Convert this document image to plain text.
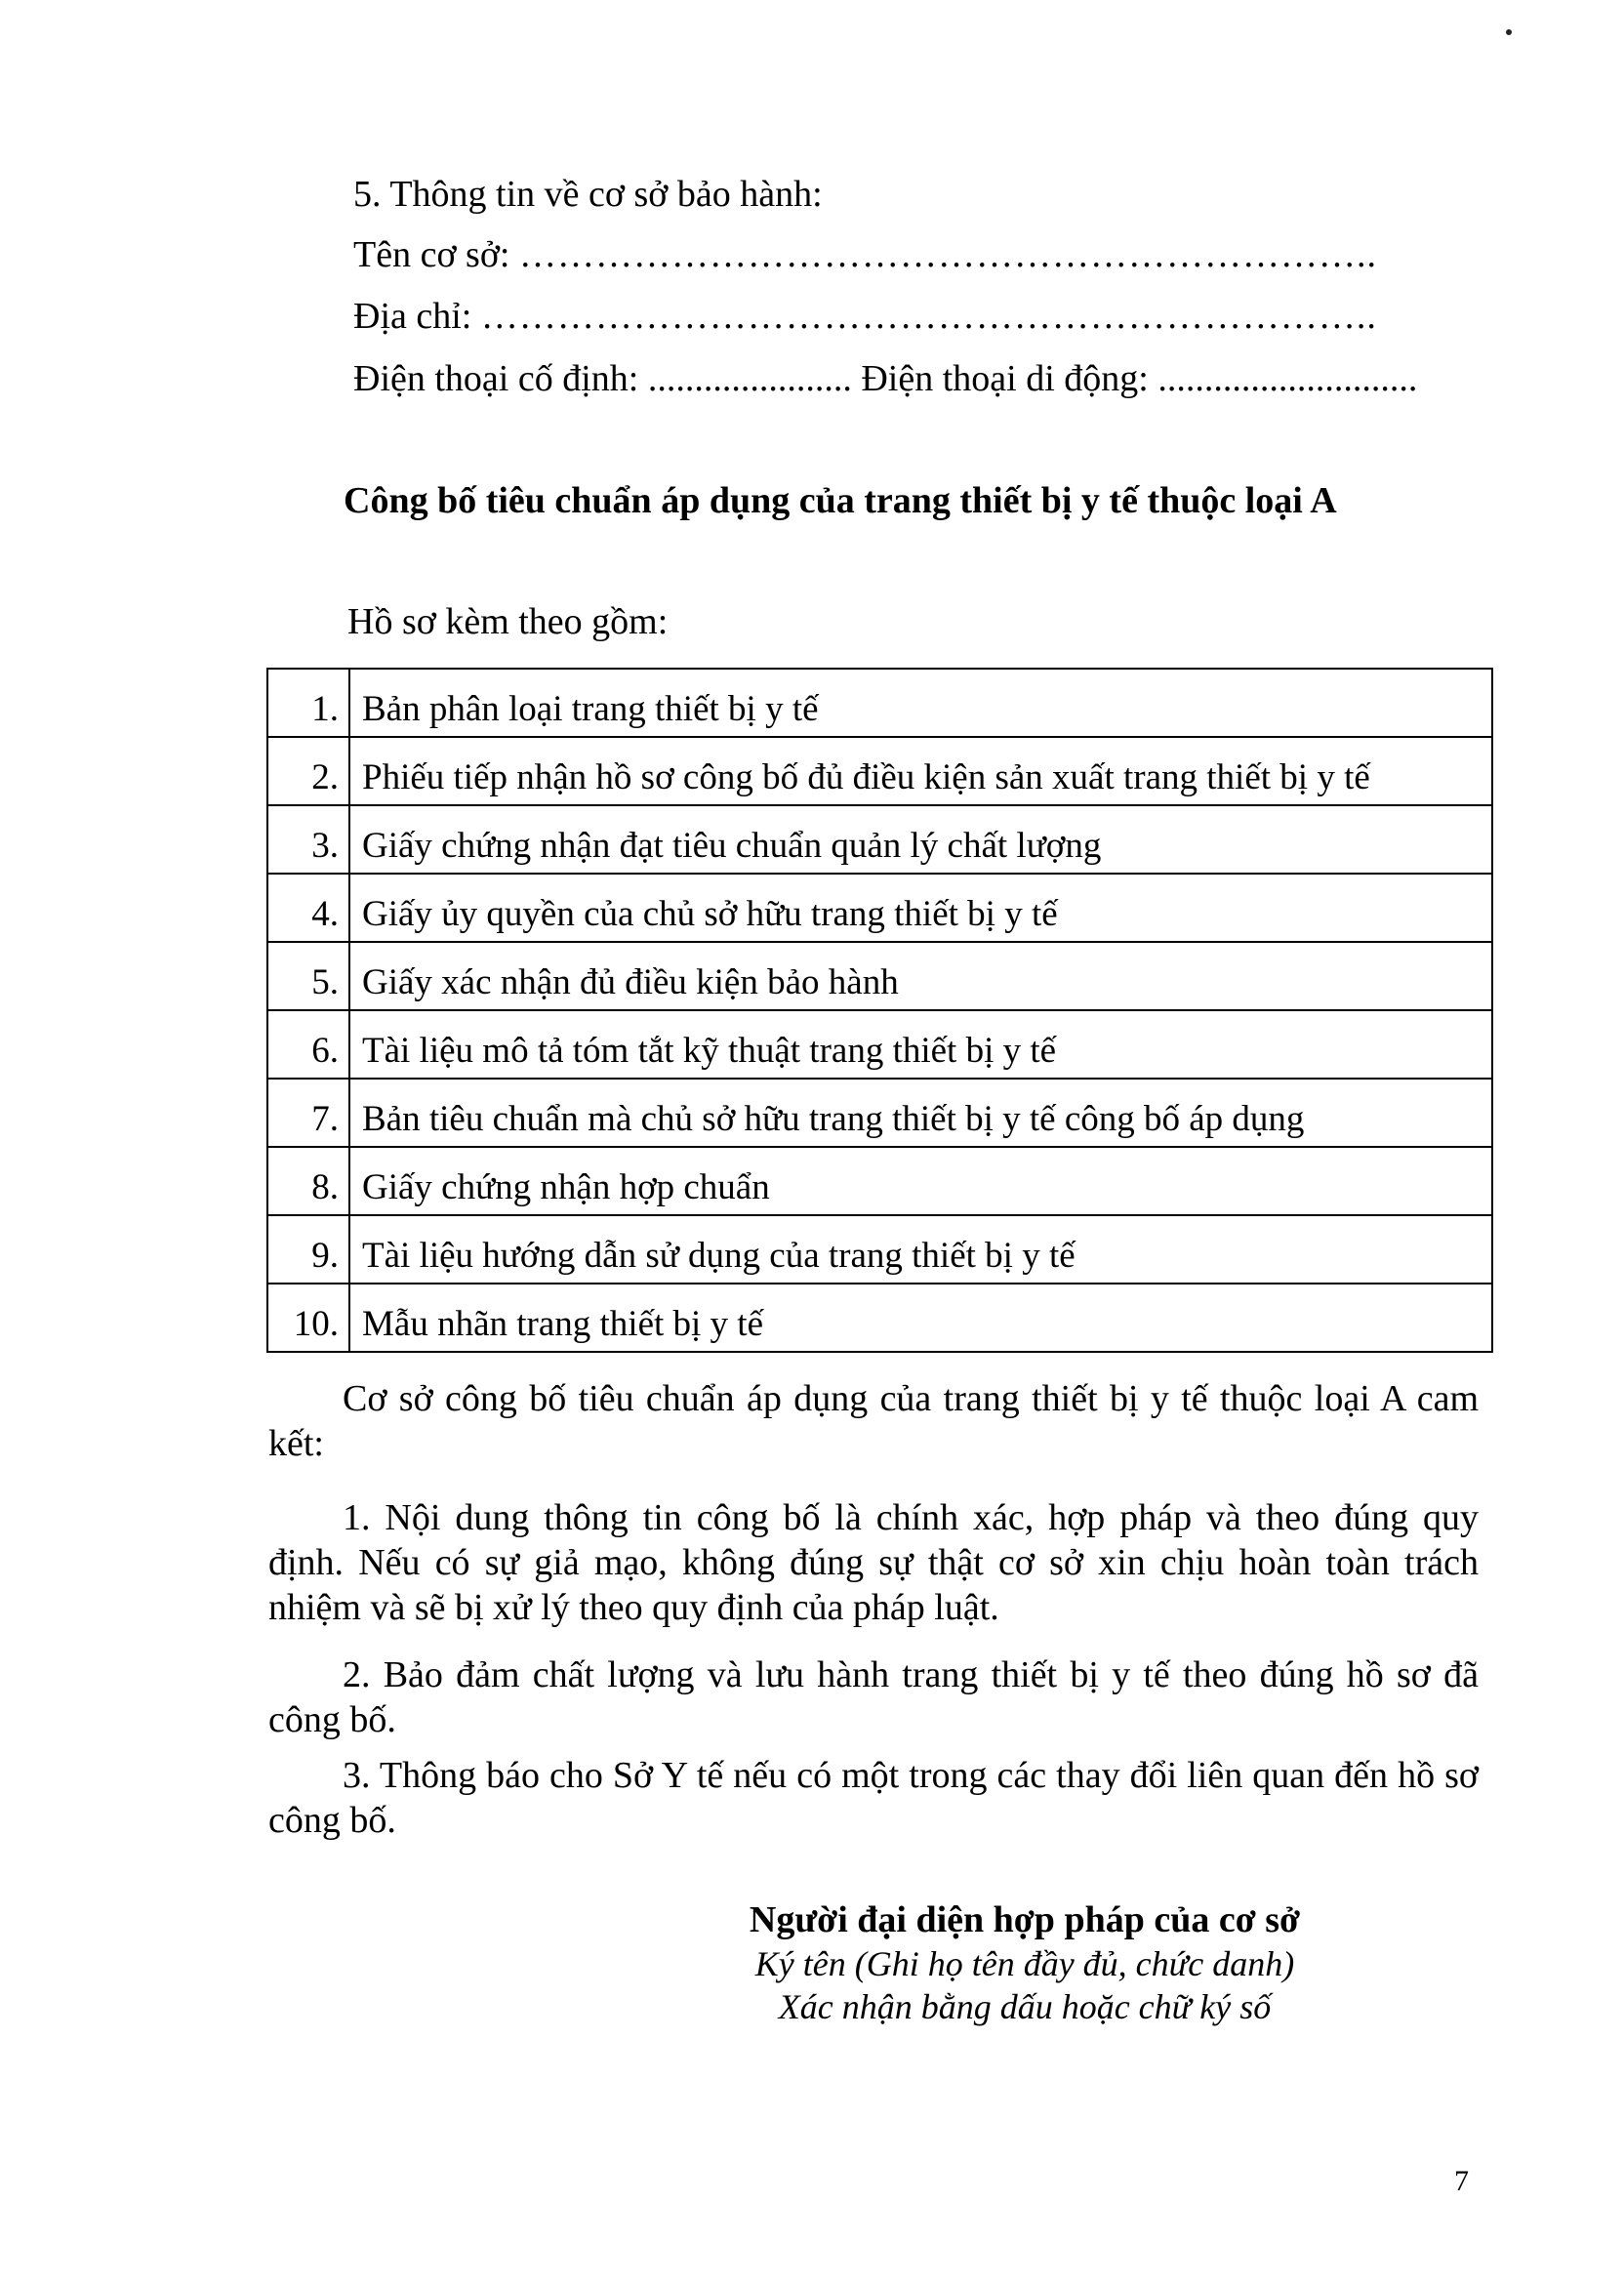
5. Thông tin về cơ sở bảo hành:
Tên cơ sở: …………………………………………………………..
Địa chỉ: ……………………………………………………………..
Điện thoại cố định: ...................... Điện thoại di động: ............................
Công bố tiêu chuẩn áp dụng của trang thiết bị y tế thuộc loại A
Hồ sơ kèm theo gồm:
1.	Bản phân loại trang thiết bị y tế
2.	Phiếu tiếp nhận hồ sơ công bố đủ điều kiện sản xuất trang thiết bị y tế
3.	Giấy chứng nhận đạt tiêu chuẩn quản lý chất lượng
4.	Giấy ủy quyền của chủ sở hữu trang thiết bị y tế
5.	Giấy xác nhận đủ điều kiện bảo hành
6.	Tài liệu mô tả tóm tắt kỹ thuật trang thiết bị y tế
7.	Bản tiêu chuẩn mà chủ sở hữu trang thiết bị y tế công bố áp dụng
8.	Giấy chứng nhận hợp chuẩn
9.	Tài liệu hướng dẫn sử dụng của trang thiết bị y tế
10.	Mẫu nhãn trang thiết bị y tế
Cơ sở công bố tiêu chuẩn áp dụng của trang thiết bị y tế thuộc loại A cam kết:
1. Nội dung thông tin công bố là chính xác, hợp pháp và theo đúng quy định. Nếu có sự giả mạo, không đúng sự thật cơ sở xin chịu hoàn toàn trách nhiệm và sẽ bị xử lý theo quy định của pháp luật.
2. Bảo đảm chất lượng và lưu hành trang thiết bị y tế theo đúng hồ sơ đã công bố.
3. Thông báo cho Sở Y tế nếu có một trong các thay đổi liên quan đến hồ sơ công bố.
Người đại diện hợp pháp của cơ sở
Ký tên (Ghi họ tên đầy đủ, chức danh)
Xác nhận bằng dấu hoặc chữ ký số
7
